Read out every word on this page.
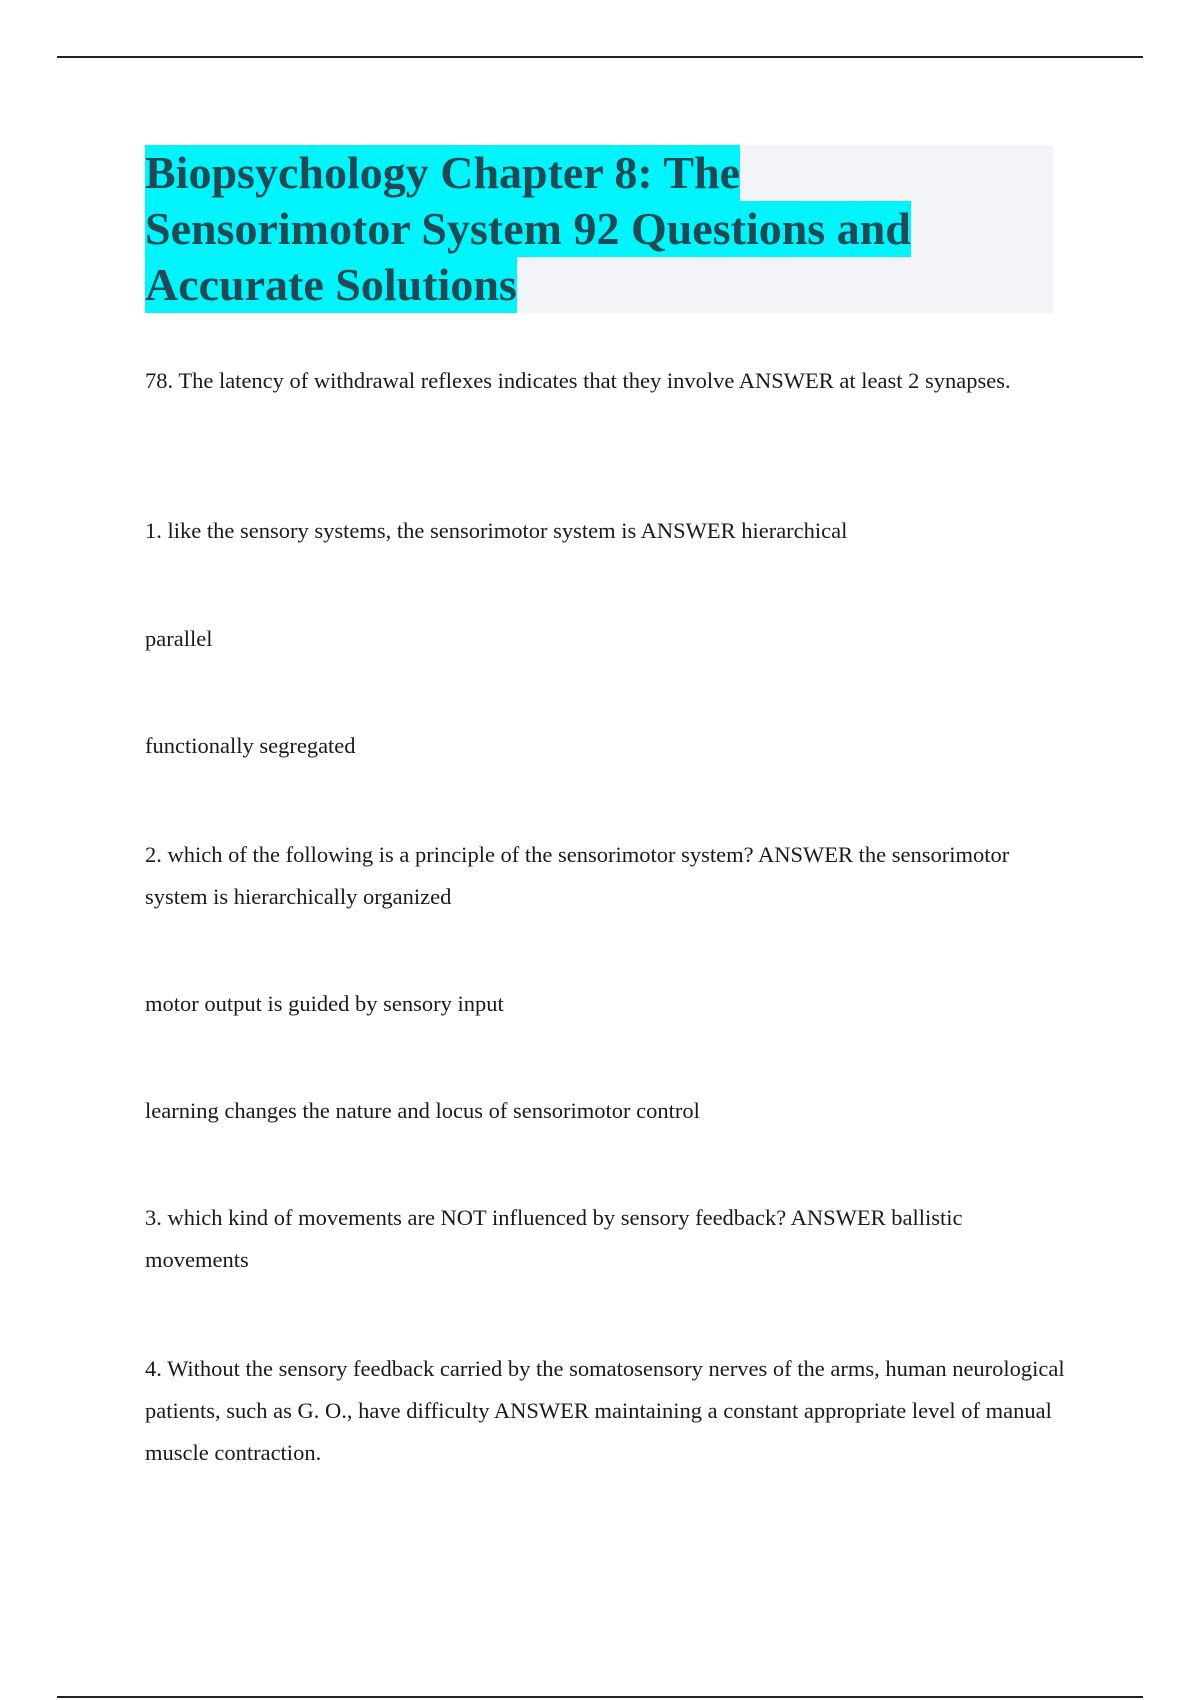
Biopsychology Chapter 8: The
Sensorimotor System 92 Questions and
Accurate Solutions

78. The latency of withdrawal reflexes indicates that they involve ANSWER at least 2 synapses.

1. like the sensory systems, the sensorimotor system is ANSWER hierarchical

parallel

functionally segregated

2. which of the following is a principle of the sensorimotor system? ANSWER the sensorimotor system is hierarchically organized

motor output is guided by sensory input

learning changes the nature and locus of sensorimotor control

3. which kind of movements are NOT influenced by sensory feedback? ANSWER ballistic movements

4. Without the sensory feedback carried by the somatosensory nerves of the arms, human neurological patients, such as G. O., have difficulty ANSWER maintaining a constant appropriate level of manual muscle contraction.
